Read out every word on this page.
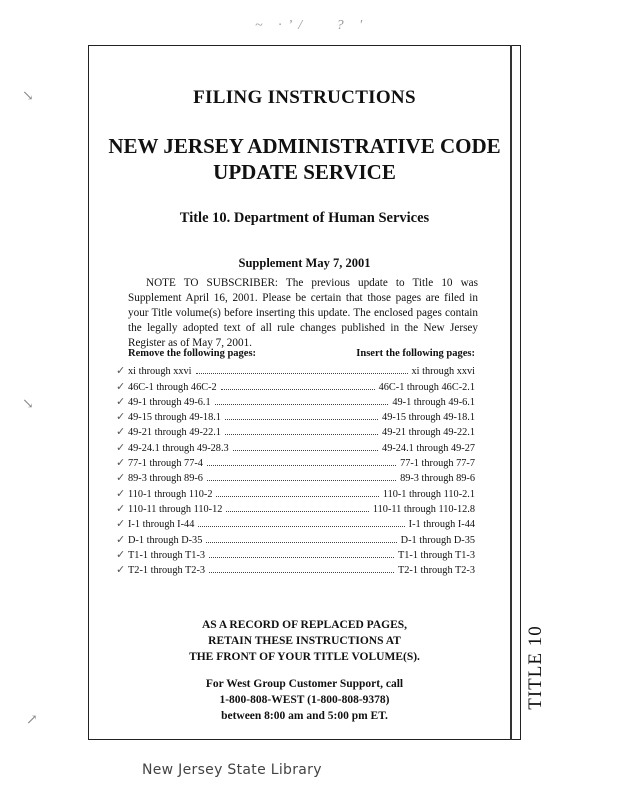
~ ·’/   ? '
↘
↘
↗
TITLE 10
FILING INSTRUCTIONS
NEW JERSEY ADMINISTRATIVE CODE
UPDATE SERVICE
Title 10. Department of Human Services
Supplement May 7, 2001
NOTE TO SUBSCRIBER: The previous update to Title 10 was Supplement April 16, 2001. Please be certain that those pages are filed in your Title volume(s) before inserting this update. The enclosed pages contain the legally adopted text of all rule changes published in the New Jersey Register as of May 7, 2001.
Remove the following pages:	Insert the following pages:
✓ xi through xxvi	xi through xxvi
✓ 46C-1 through 46C-2	46C-1 through 46C-2.1
✓ 49-1 through 49-6.1	49-1 through 49-6.1
✓ 49-15 through 49-18.1	49-15 through 49-18.1
✓ 49-21 through 49-22.1	49-21 through 49-22.1
✓ 49-24.1 through 49-28.3	49-24.1 through 49-27
✓ 77-1 through 77-4	77-1 through 77-7
✓ 89-3 through 89-6	89-3 through 89-6
✓ 110-1 through 110-2	110-1 through 110-2.1
✓ 110-11 through 110-12	110-11 through 110-12.8
✓ I-1 through I-44	I-1 through I-44
✓ D-1 through D-35	D-1 through D-35
✓ T1-1 through T1-3	T1-1 through T1-3
✓ T2-1 through T2-3	T2-1 through T2-3
AS A RECORD OF REPLACED PAGES,
RETAIN THESE INSTRUCTIONS AT
THE FRONT OF YOUR TITLE VOLUME(S).
For West Group Customer Support, call
1-800-808-WEST (1-800-808-9378)
between 8:00 am and 5:00 pm ET.
New Jersey State Library
